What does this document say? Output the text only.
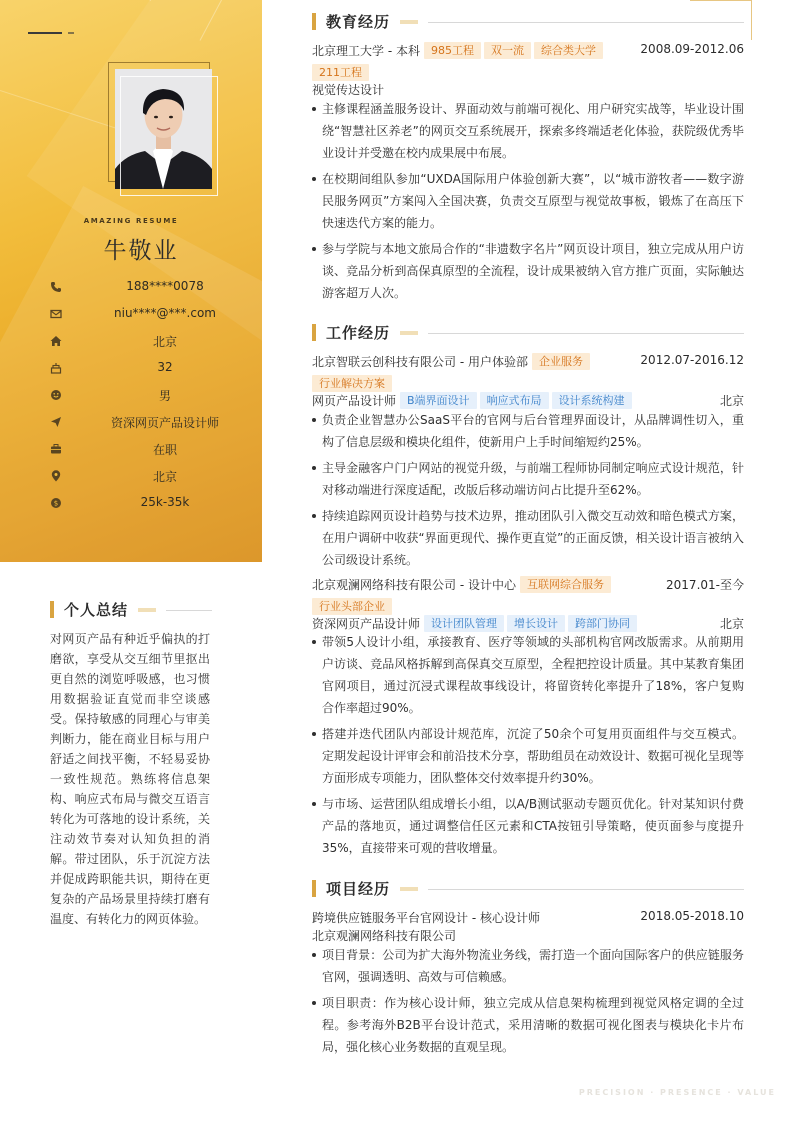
AMAZING RESUME
牛敬业
188****0078
niu****@***.com
北京
32
男
资深网页产品设计师
在职
北京
$	25k-35k
个人总结
对网页产品有种近乎偏执的打磨欲，享受从交互细节里抠出更自然的浏览呼吸感，也习惯用数据验证直觉而非空谈感受。保持敏感的同理心与审美判断力，能在商业目标与用户舒适之间找平衡，不轻易妥协一致性规范。熟练将信息架构、响应式布局与微交互语言转化为可落地的设计系统，关注动效节奏对认知负担的消解。带过团队，乐于沉淀方法并促成跨职能共识，期待在更复杂的产品场景里持续打磨有温度、有转化力的网页体验。
教育经历
北京理工大学 - 本科 985工程 双一流 综合类大学	2008.09-2012.06
211工程
视觉传达设计
主修课程涵盖服务设计、界面动效与前端可视化、用户研究实战等，毕业设计围绕“智慧社区养老”的网页交互系统展开，探索多终端适老化体验，获院级优秀毕业设计并受邀在校内成果展中布展。
在校期间组队参加“UXDA国际用户体验创新大赛”，以“城市游牧者——数字游民服务网页”方案闯入全国决赛，负责交互原型与视觉故事板，锻炼了在高压下快速迭代方案的能力。
参与学院与本地文旅局合作的“非遗数字名片”网页设计项目，独立完成从用户访谈、竞品分析到高保真原型的全流程，设计成果被纳入官方推广页面，实际触达游客超万人次。
工作经历
北京智联云创科技有限公司 - 用户体验部 企业服务	2012.07-2016.12
行业解决方案
网页产品设计师 B端界面设计 响应式布局 设计系统构建	北京
负责企业智慧办公SaaS平台的官网与后台管理界面设计，从品牌调性切入，重构了信息层级和模块化组件，使新用户上手时间缩短约25%。
主导金融客户门户网站的视觉升级，与前端工程师协同制定响应式设计规范，针对移动端进行深度适配，改版后移动端访问占比提升至62%。
持续追踪网页设计趋势与技术边界，推动团队引入微交互动效和暗色模式方案，在用户调研中收获“界面更现代、操作更直觉”的正面反馈，相关设计语言被纳入公司级设计系统。
北京观澜网络科技有限公司 - 设计中心 互联网综合服务	2017.01-至今
行业头部企业
资深网页产品设计师 设计团队管理 增长设计 跨部门协同	北京
带领5人设计小组，承接教育、医疗等领域的头部机构官网改版需求。从前期用户访谈、竞品风格拆解到高保真交互原型，全程把控设计质量。其中某教育集团官网项目，通过沉浸式课程故事线设计，将留资转化率提升了18%，客户复购合作率超过90%。
搭建并迭代团队内部设计规范库，沉淀了50余个可复用页面组件与交互模式。定期发起设计评审会和前沿技术分享，帮助组员在动效设计、数据可视化呈现等方面形成专项能力，团队整体交付效率提升约30%。
与市场、运营团队组成增长小组，以A/B测试驱动专题页优化。针对某知识付费产品的落地页，通过调整信任区元素和CTA按钮引导策略，使页面参与度提升35%，直接带来可观的营收增量。
项目经历
跨境供应链服务平台官网设计 - 核心设计师	2018.05-2018.10
北京观澜网络科技有限公司
项目背景：公司为扩大海外物流业务线，需打造一个面向国际客户的供应链服务官网，强调透明、高效与可信赖感。
项目职责：作为核心设计师，独立完成从信息架构梳理到视觉风格定调的全过程。参考海外B2B平台设计范式，采用清晰的数据可视化图表与模块化卡片布局，强化核心业务数据的直观呈现。
PRECISION · PRESENCE · VALUE
